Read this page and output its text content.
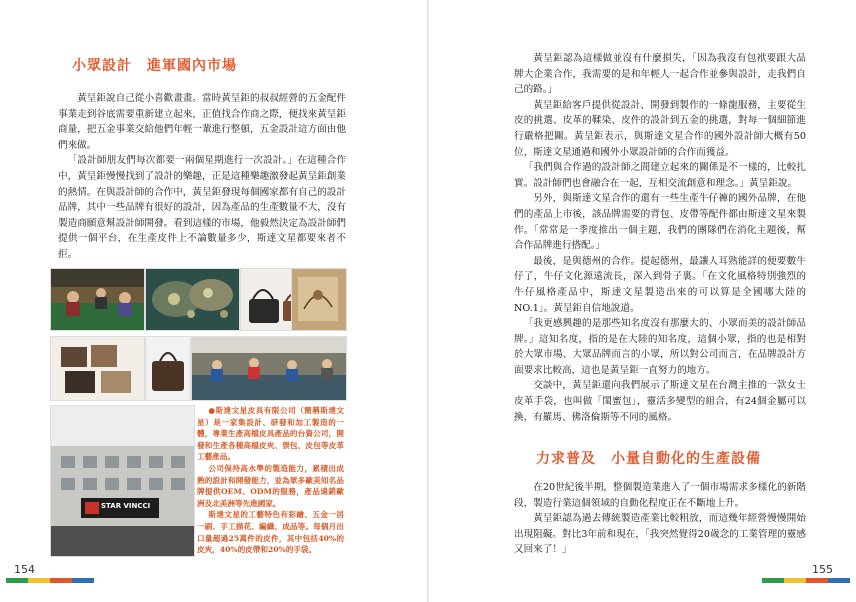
小眾設計　進軍國內市場

黃呈鉅說自己從小喜歡畫畫。當時黃呈鉅的叔叔經營的五金配件事業走到谷底需要重新建立起來，正值找合作商之際，便找來黃呈鉅商量，把五金事業交給他們年輕一輩進行整頓，五金設計這方面由他們來做。

「設計師朋友們每次都要一兩個星期進行一次設計。」在這種合作中，黃呈鉅慢慢找到了設計的樂趣，正是這種樂趣激發起黃呈鉅創業的熱情。在與設計師的合作中，黃呈鉅發現每個國家都有自己的設計品牌，其中一些品牌有很好的設計，因為產品的生產數量不大，沒有製造商願意幫設計師開發。看到這樣的市場，他毅然決定為設計師們提供一個平台，在生產皮件上不論數量多少，斯達文星都要來者不拒。

STAR VINCCI

●斯達文星皮具有限公司（簡稱斯達文星）是一家集設計、研發和加工製造的一體，專業生產高檔皮具產品的台資公司，開發和生產各種高檔皮夾、票包、皮包等皮革工藝產品。

公司保持高水準的製造能力，累積出成熟的設計和開發能力，並為眾多歐美知名品牌提供OEM、ODM的服務，產品遠銷歐洲及北美洲等先進國家。

斯達文星的工藝特色有彩繪、五金一居一刷、手工描花、編織、成品等。每個月出口量超過25萬件的皮件，其中包括40%的皮夾，40%的皮帶和20%的手袋。

154

黃呈鉅認為這樣做並沒有什麼損失，「因為我沒有包袱要跟大品牌大企業合作，我需要的是和年輕人一起合作並參與設計，走我們自己的路。」

黃呈鉅給客戶提供從設計、開發到製作的一條龍服務，主要從生皮的挑選、皮革的鞣染、皮件的設計到五金的挑選，對每一個細節進行嚴格把關。黃呈鉅表示，與斯達文星合作的國外設計師大概有50位，斯達文星通過和國外小眾設計師的合作而獲益。

「我們與合作過的設計師之間建立起來的關係是不一樣的，比較扎實。設計師們也會融合在一起，互相交流創意和理念。」黃呈鉅說。

另外，與斯達文星合作的還有一些生產牛仔褲的國外品牌，在他們的產品上市後，該品牌需要的背包、皮帶等配件都由斯達文星來製作。「常常是一季度推出一個主題，我們的團隊們在消化主題後，幫合作品牌進行搭配。」

最後，是與德州的合作。提起德州，最讓人耳熟能詳的便要數牛仔了，牛仔文化源遠流長，深入到骨子裏。「在文化風格特別強烈的牛仔風格產品中，斯達文星製造出來的可以算是全國哪大陸的NO.1」。黃呈鉅自信地說道。

「我更感興趣的是那些知名度沒有那麼大的、小眾而美的設計師品牌。」這知名度，指的是在大陸的知名度，這個小眾，指的也是相對於大眾市場、大眾品牌而言的小眾，所以對公司而言，在品牌設計方面要求比較高，這也是黃呈鉅一直努力的地方。

交談中，黃呈鉅還向我們展示了斯達文星在台灣主推的一款女士皮革手袋，也叫做「閨蜜包」，靈活多變型的組合，有24個金屬可以換，有羅馬、佛洛倫斯等不同的風格。

力求普及　小量自動化的生產設備

在20世紀後半期，整個製造業進入了一個市場需求多樣化的新階段，製造行業這個領域的自動化程度正在不斷地上升。

黃呈鉅認為過去傳統製造產業比較粗放，而這幾年經營慢慢開始出現阻礙。對比3年前和現在，「我突然覺得20歲念的工業管理的靈感又回來了！」

155
